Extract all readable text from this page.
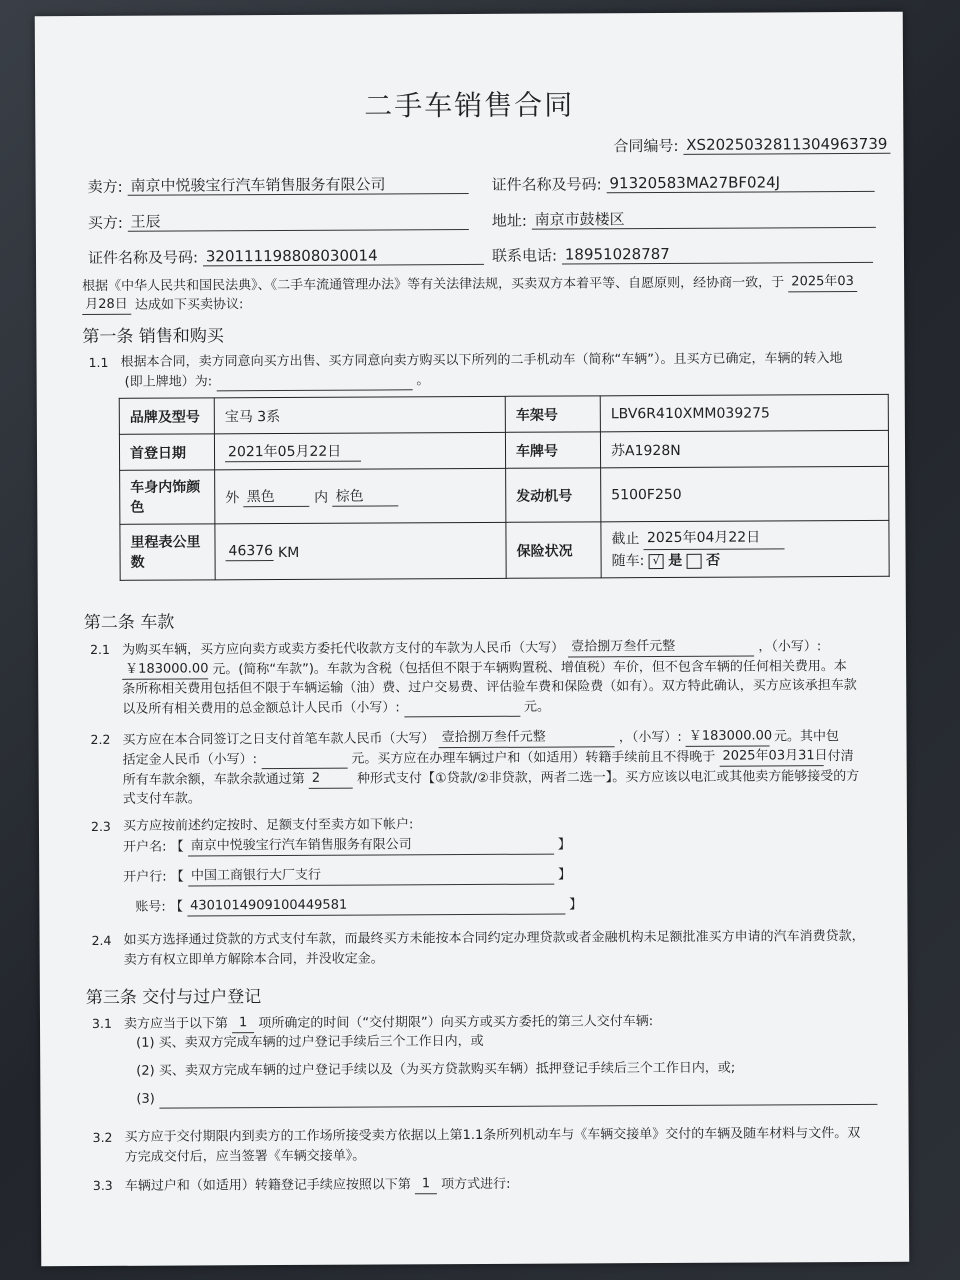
二手车销售合同
合同编号: XS2025032811304963739
卖方: 南京中悦骏宝行汽车销售服务有限公司	证件名称及号码: 91320583MA27BF024J
买方: 王辰	地址: 南京市鼓楼区
证件名称及号码: 320111198808030014	联系电话: 18951028787
根据《中华人民共和国民法典》、《二手车流通管理办法》等有关法律法规，买卖双方本着平等、自愿原则，经协商一致，于 2025年03
月28日 达成如下买卖协议:
第一条 销售和购买
1.1 根据本合同，卖方同意向买方出售、买方同意向卖方购买以下所列的二手机动车（简称“车辆”）。且买方已确定，车辆的转入地
(即上牌地）为:	。
品牌及型号	宝马 3系	车架号	LBV6R410XMM039275
首登日期	2021年05月22日	车牌号	苏A1928N
车身内饰颜色	外 黑色 内 棕色	发动机号	5100F250
里程表公里数	46376 KM	保险状况	截止 2025年04月22日
随车: √ 是 否
第二条 车款
2.1 为购买车辆，买方应向卖方或卖方委托代收款方支付的车款为人民币（大写） 壹拾捌万叁仟元整	，（小写）:
￥183000.00 元。(简称“车款”)。车款为含税（包括但不限于车辆购置税、增值税）车价，但不包含车辆的任何相关费用。本
条所称相关费用包括但不限于车辆运输（油）费、过户交易费、评估验车费和保险费（如有）。双方特此确认，买方应该承担车款
以及所有相关费用的总金额总计人民币（小写）:	元。
2.2 买方应在本合同签订之日支付首笔车款人民币（大写） 壹拾捌万叁仟元整	，（小写）: ￥183000.00 元。其中包
括定金人民币（小写）:	元。买方应在办理车辆过户和（如适用）转籍手续前且不得晚于 2025年03月31日 付清
所有车款余额，车款余款通过第 2	种形式支付【①贷款/②非贷款，两者二选一】。买方应该以电汇或其他卖方能够接受的方
式支付车款。
2.3 买方应按前述约定按时、足额支付至卖方如下帐户:
开户名: 【 南京中悦骏宝行汽车销售服务有限公司	】
开户行: 【 中国工商银行大厂支行	】
账号: 【 4301014909100449581	】
2.4 如买方选择通过贷款的方式支付车款，而最终买方未能按本合同约定办理贷款或者金融机构未足额批准买方申请的汽车消费贷款，
卖方有权立即单方解除本合同，并没收定金。
第三条 交付与过户登记
3.1 卖方应当于以下第 1 项所确定的时间（“交付期限”）向买方或买方委托的第三人交付车辆:
(1) 买、卖双方完成车辆的过户登记手续后三个工作日内，或
(2) 买、卖双方完成车辆的过户登记手续以及（为买方贷款购买车辆）抵押登记手续后三个工作日内，或;
(3)
3.2 买方应于交付期限内到卖方的工作场所接受卖方依据以上第1.1条所列机动车与《车辆交接单》交付的车辆及随车材料与文件。双
方完成交付后，应当签署《车辆交接单》。
3.3 车辆过户和（如适用）转籍登记手续应按照以下第 1 项方式进行:
